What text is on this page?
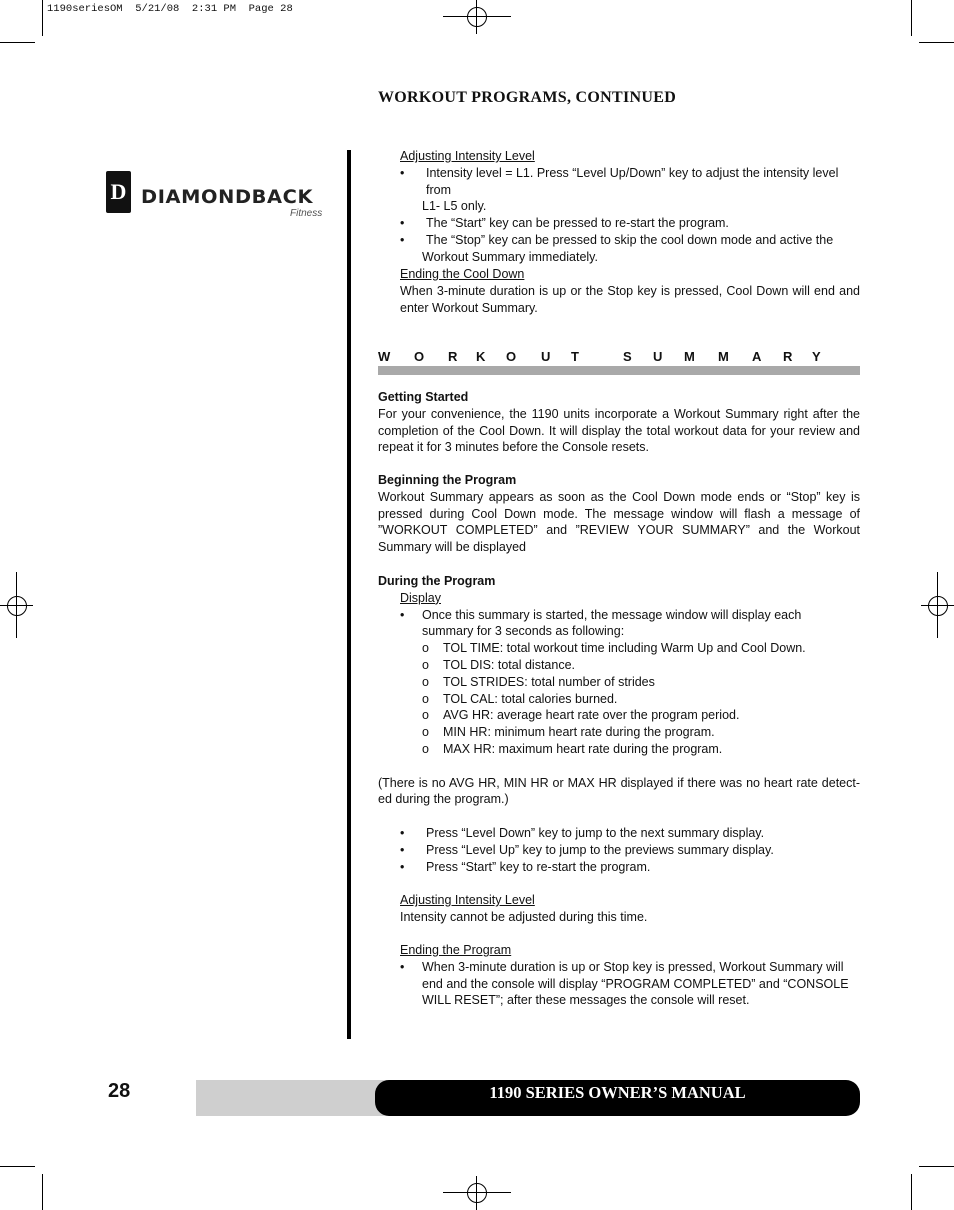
1190seriesOM  5/21/08  2:31 PM  Page 28
WORKOUT PROGRAMS, CONTINUED
D DIAMONDBACK
Fitness
Adjusting Intensity Level
• Intensity level = L1. Press “Level Up/Down” key to adjust the intensity level from
L1- L5 only.
• The “Start” key can be pressed to re-start the program.
• The “Stop” key can be pressed to skip the cool down mode and active the
Workout Summary immediately.
Ending the Cool Down
When 3-minute duration is up or the Stop key is pressed, Cool Down will end and
enter Workout Summary.
W O R K O U T	S U M M A R Y
Getting Started
For your convenience, the 1190 units incorporate a Workout Summary right after the
completion of the Cool Down. It will display the total workout data for your review and
repeat it for 3 minutes before the Console resets.
Beginning the Program
Workout Summary appears as soon as the Cool Down mode ends or “Stop” key is
pressed during Cool Down mode. The message window will flash a message of
”WORKOUT COMPLETED” and ”REVIEW YOUR SUMMARY” and the Workout
Summary will be displayed
During the Program
Display
• Once this summary is started, the message window will display each
summary for 3 seconds as following:
o TOL TIME: total workout time including Warm Up and Cool Down.
o TOL DIS: total distance.
o TOL STRIDES: total number of strides
o TOL CAL: total calories burned.
o AVG HR: average heart rate over the program period.
o MIN HR: minimum heart rate during the program.
o MAX HR: maximum heart rate during the program.
(There is no AVG HR, MIN HR or MAX HR displayed if there was no heart rate detect-
ed during the program.)
• Press “Level Down” key to jump to the next summary display.
• Press “Level Up” key to jump to the previews summary display.
• Press “Start” key to re-start the program.
Adjusting Intensity Level
Intensity cannot be adjusted during this time.
Ending the Program
• When 3-minute duration is up or Stop key is pressed, Workout Summary will
end and the console will display “PROGRAM COMPLETED” and “CONSOLE
WILL RESET”; after these messages the console will reset.
28	1190 SERIES OWNER’S MANUAL
